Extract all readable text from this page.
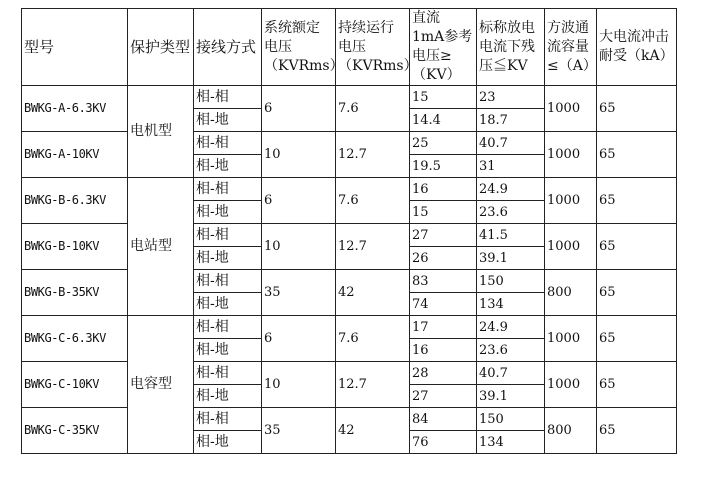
型号	保护类型	接线方式	系统额定电压（KVRms）	持续运行电压（KVRms）	直流 1mA参考电压≥（KV）	标称放电电流下残压≦KV	方波通流容量≤（A）	大电流冲击耐受（kA）
BWKG-A-6.3KV	电机型	相-相	6	7.6	15	23	1000	65
		相-地			14.4	18.7		
BWKG-A-10KV		相-相	10	12.7	25	40.7	1000	65
		相-地			19.5	31		
BWKG-B-6.3KV	电站型	相-相	6	7.6	16	24.9	1000	65
		相-地			15	23.6		
BWKG-B-10KV		相-相	10	12.7	27	41.5	1000	65
		相-地			26	39.1		
BWKG-B-35KV		相-相	35	42	83	150	800	65
		相-地			74	134		
BWKG-C-6.3KV	电容型	相-相	6	7.6	17	24.9	1000	65
		相-地			16	23.6		
BWKG-C-10KV		相-相	10	12.7	28	40.7	1000	65
		相-地			27	39.1		
BWKG-C-35KV		相-相	35	42	84	150	800	65
		相-地			76	134		
